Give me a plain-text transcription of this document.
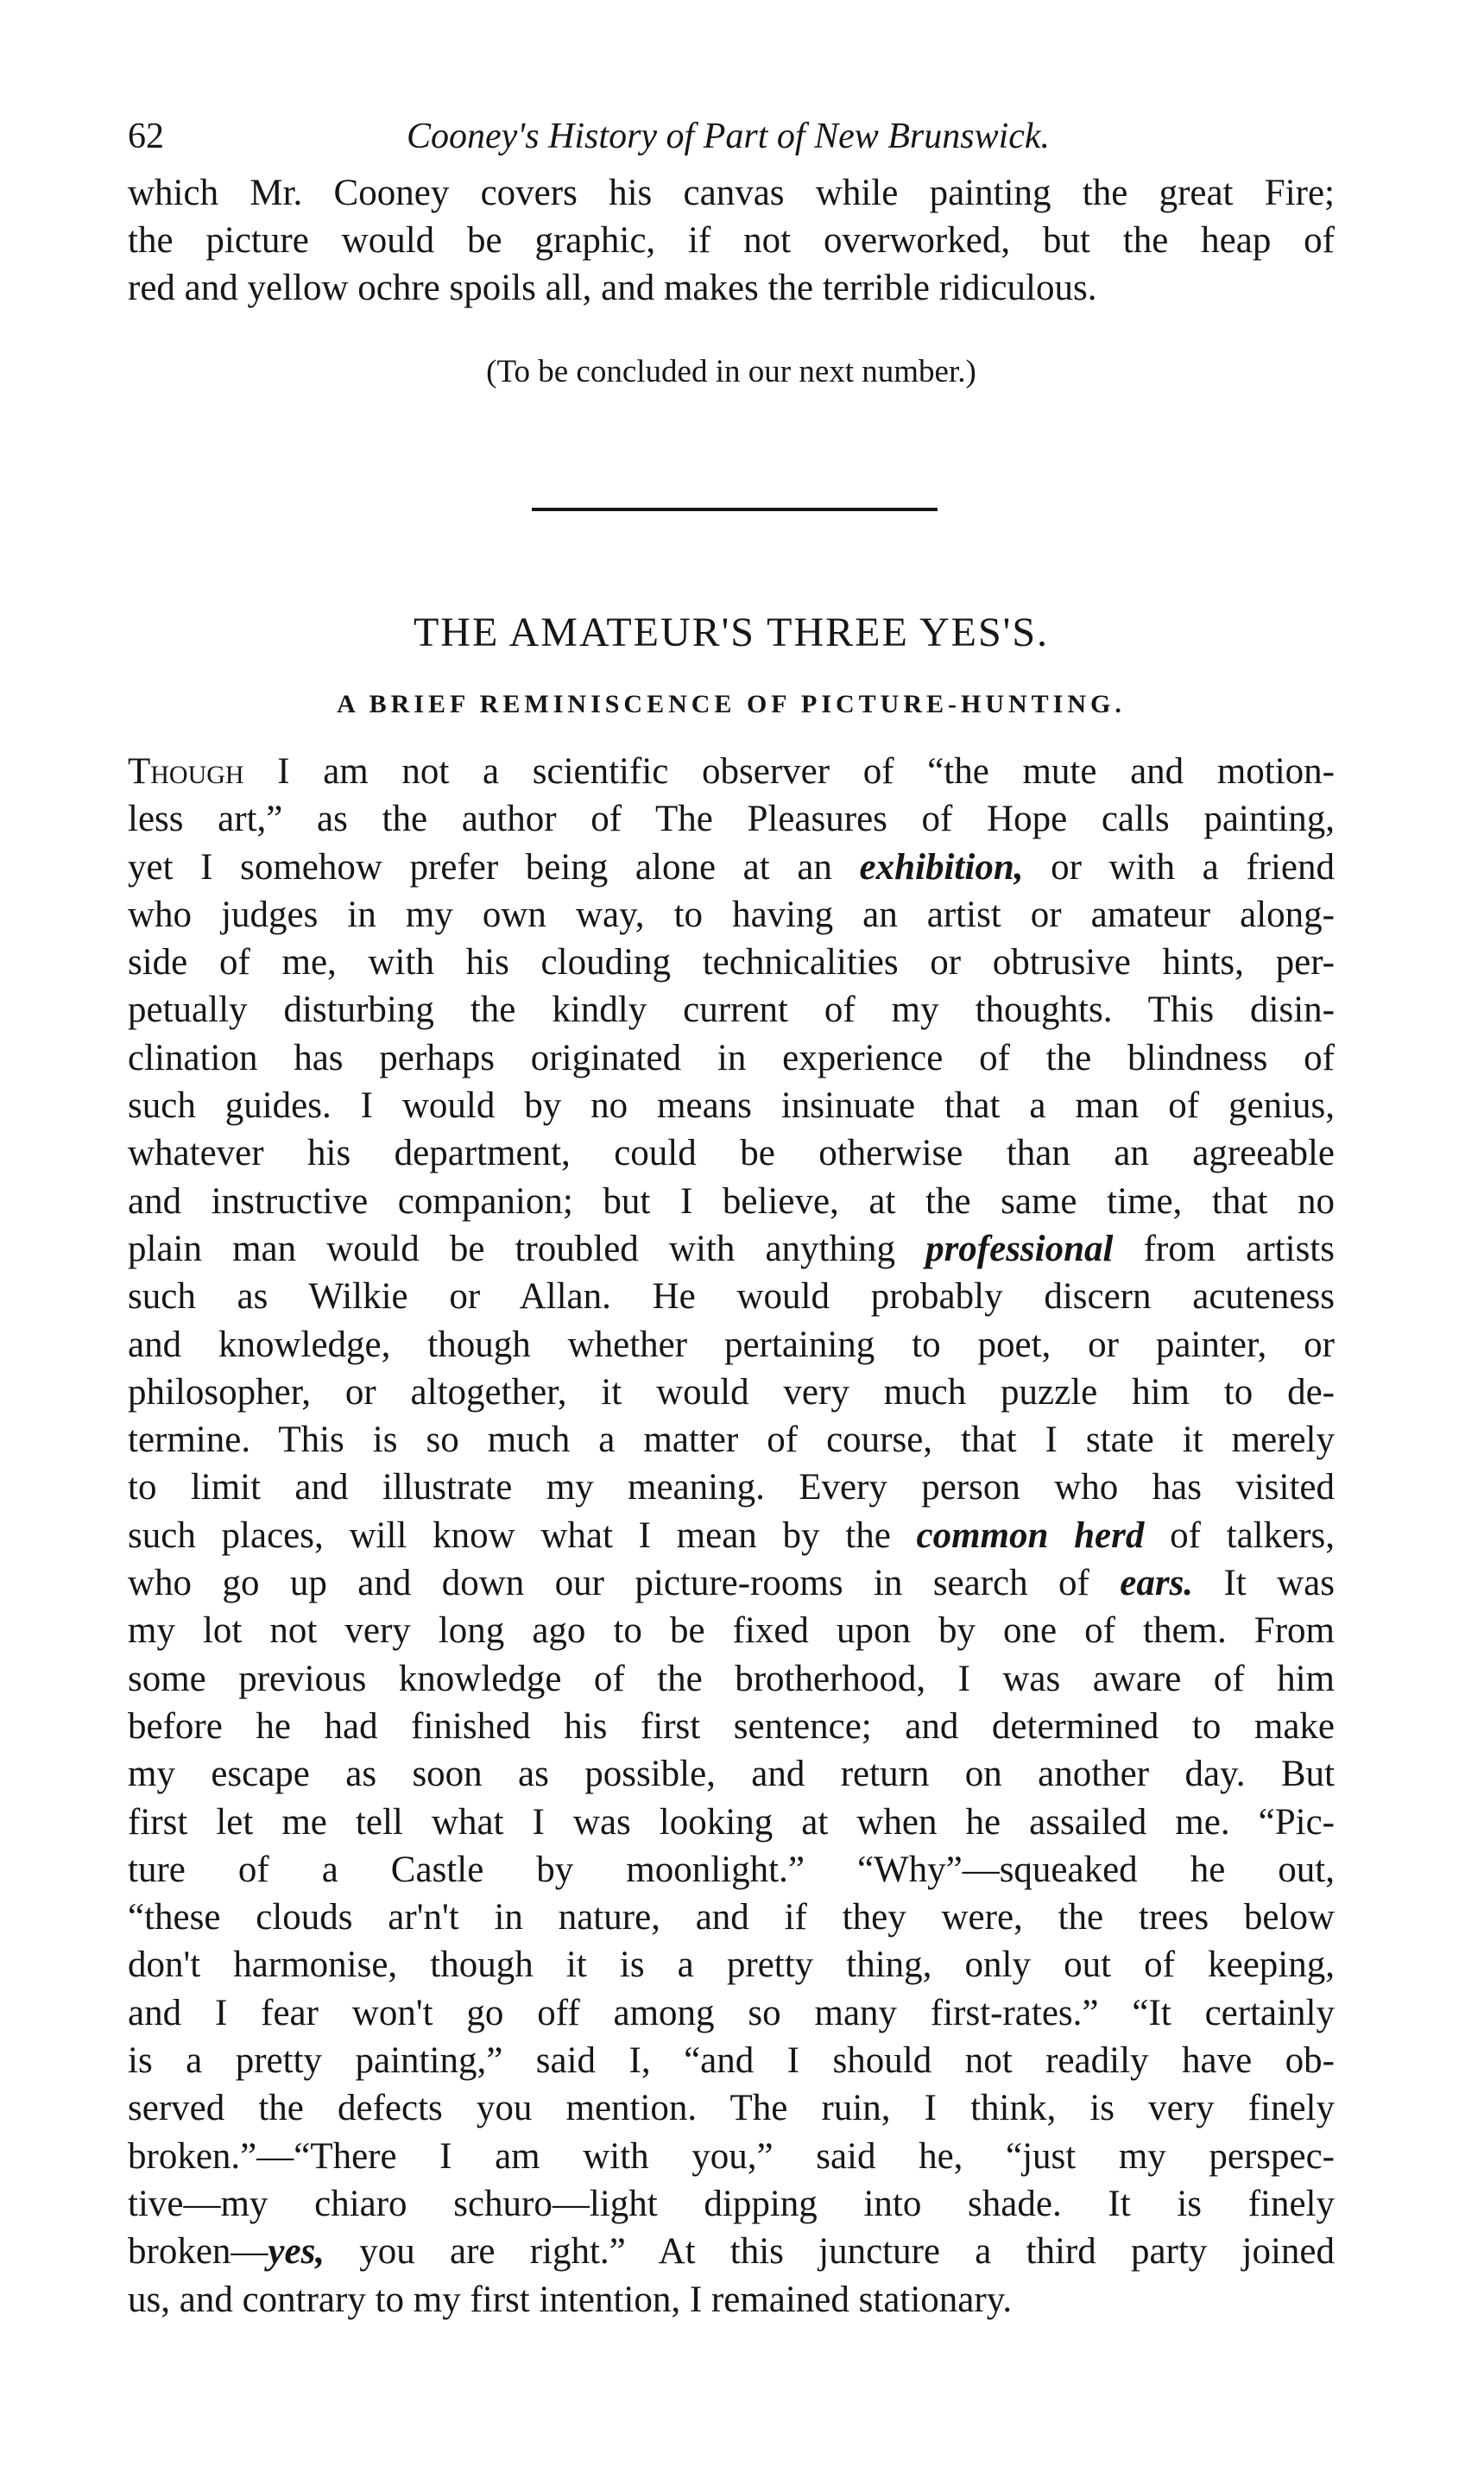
62	Cooney's History of Part of New Brunswick.
which Mr. Cooney covers his canvas while painting the great Fire;
the picture would be graphic, if not overworked, but the heap of
red and yellow ochre spoils all, and makes the terrible ridiculous.
(To be concluded in our next number.)
THE AMATEUR'S THREE YES'S.
A BRIEF REMINISCENCE OF PICTURE-HUNTING.
Though I am not a scientific observer of “the mute and motion-
less art,” as the author of The Pleasures of Hope calls painting,
yet I somehow prefer being alone at an exhibition, or with a friend
who judges in my own way, to having an artist or amateur along-
side of me, with his clouding technicalities or obtrusive hints, per-
petually disturbing the kindly current of my thoughts. This disin-
clination has perhaps originated in experience of the blindness of
such guides. I would by no means insinuate that a man of genius,
whatever his department, could be otherwise than an agreeable
and instructive companion; but I believe, at the same time, that no
plain man would be troubled with anything professional from artists
such as Wilkie or Allan. He would probably discern acuteness
and knowledge, though whether pertaining to poet, or painter, or
philosopher, or altogether, it would very much puzzle him to de-
termine. This is so much a matter of course, that I state it merely
to limit and illustrate my meaning. Every person who has visited
such places, will know what I mean by the common herd of talkers,
who go up and down our picture-rooms in search of ears. It was
my lot not very long ago to be fixed upon by one of them. From
some previous knowledge of the brotherhood, I was aware of him
before he had finished his first sentence; and determined to make
my escape as soon as possible, and return on another day. But
first let me tell what I was looking at when he assailed me. “Pic-
ture of a Castle by moonlight.” “Why”—squeaked he out,
“these clouds ar'n't in nature, and if they were, the trees below
don't harmonise, though it is a pretty thing, only out of keeping,
and I fear won't go off among so many first-rates.” “It certainly
is a pretty painting,” said I, “and I should not readily have ob-
served the defects you mention. The ruin, I think, is very finely
broken.”—“There I am with you,” said he, “just my perspec-
tive—my chiaro schuro—light dipping into shade. It is finely
broken—yes, you are right.” At this juncture a third party joined
us, and contrary to my first intention, I remained stationary.
